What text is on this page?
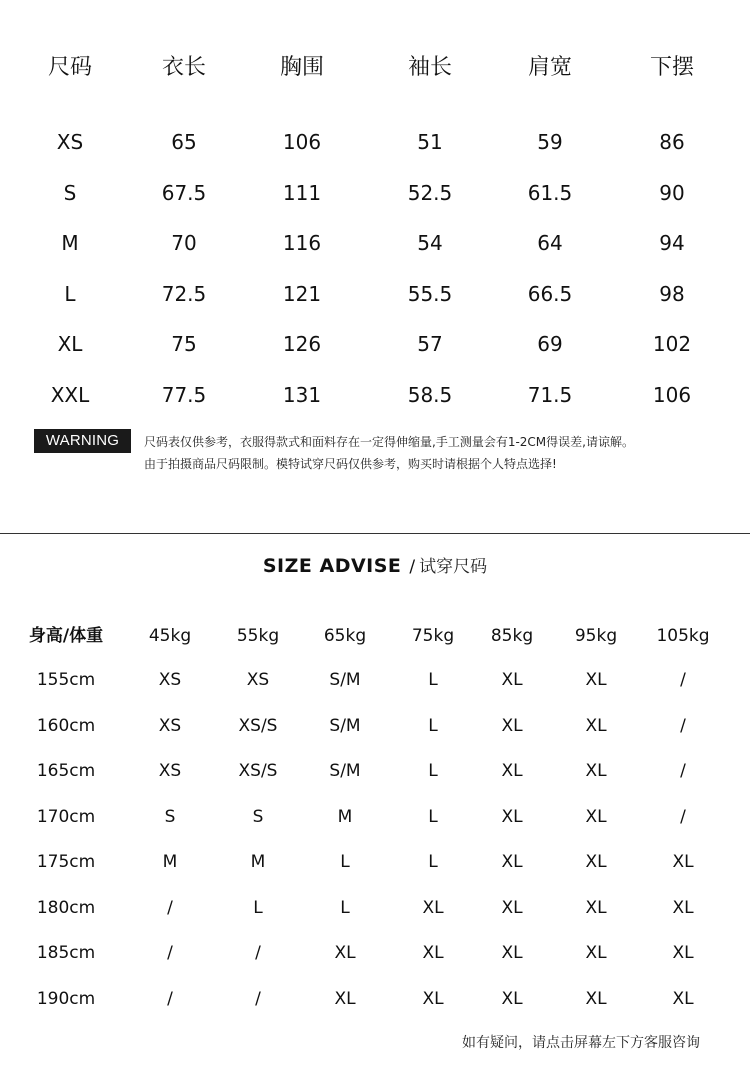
尺码	衣长	胸围	袖长	肩宽	下摆
XS	65	106	51	59	86
S	67.5	111	52.5	61.5	90
M	70	116	54	64	94
L	72.5	121	55.5	66.5	98
XL	75	126	57	69	102
XXL	77.5	131	58.5	71.5	106
WARNING	尺码表仅供参考，衣服得款式和面料存在一定得伸缩量,手工测量会有1-2CM得误差,请谅解。
由于拍摄商品尺码限制。模特试穿尺码仅供参考，购买时请根据个人特点选择!
SIZE ADVISE / 试穿尺码
身高/体重	45kg	55kg	65kg	75kg 85kg 95kg 105kg
155cm	XS	XS	S/M	L	XL	XL	/
160cm	XS	XS/S	S/M	L	XL	XL	/
165cm	XS	XS/S	S/M	L	XL	XL	/
170cm	S	S	M	L	XL	XL	/
175cm	M	M	L	L	XL	XL	XL
180cm	/	L	L	XL	XL	XL	XL
185cm	/	/	XL	XL	XL	XL	XL
190cm	/	/	XL	XL	XL	XL	XL
如有疑问，请点击屏幕左下方客服咨询
